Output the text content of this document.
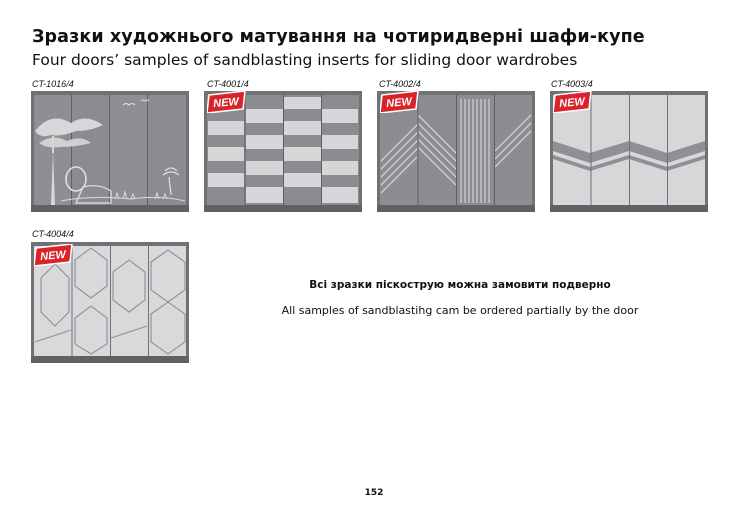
Зразки художнього матування на чотиридверні шафи-купе
Four doors’ samples of sandblasting inserts for sliding door wardrobes
CT-1016/4	CT-4001/4
NEW
CT-4002/4
NEW
CT-4003/4
NEW
CT-4004/4
NEW
Всі зразки піскострую можна замовити подверно
All samples of sandblastihg cam be ordered partially by the door
152
